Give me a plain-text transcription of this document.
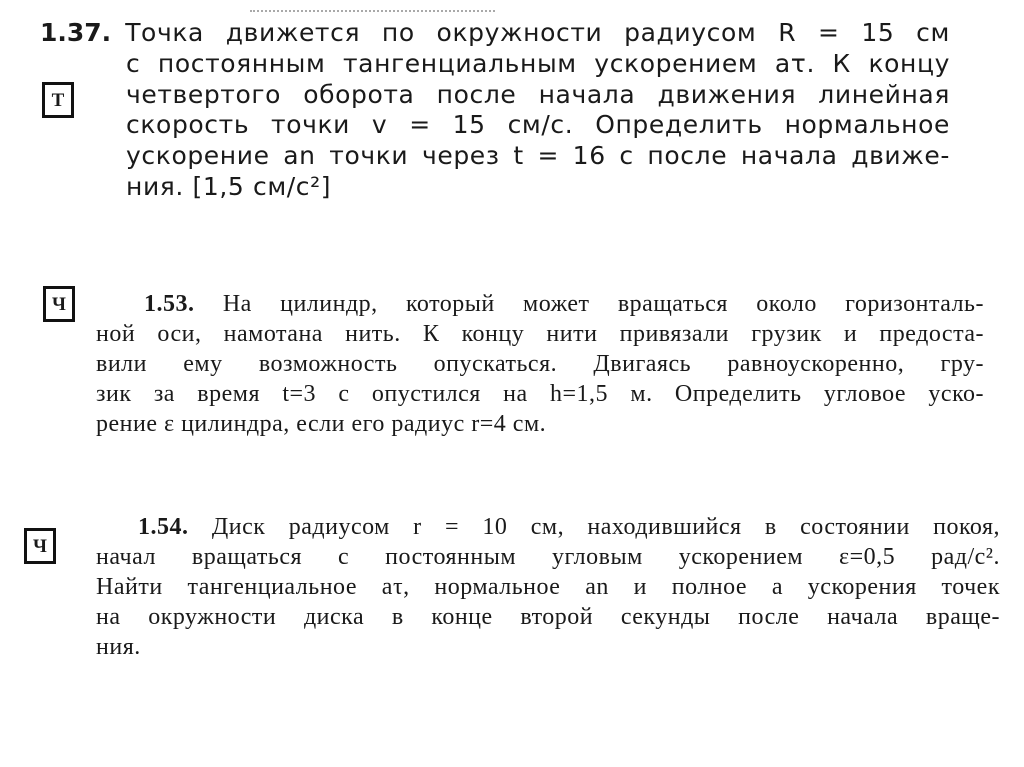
Т
1.37. Точка движется по окружности радиусом R = 15 см
с постоянным тангенциальным ускорением aτ. К концу
четвертого оборота после начала движения линейная
скорость точки v = 15 см/с. Определить нормальное
ускорение an точки через t = 16 с после начала движе-
ния. [1,5 см/с²]
Ч	1.53. На цилиндр, который может вращаться около горизонталь-
ной оси, намотана нить. К концу нити привязали грузик и предоста-
вили ему возможность опускаться. Двигаясь равноускоренно, гру-
зик за время t=3 с опустился на h=1,5 м. Определить угловое уско-
рение ε цилиндра, если его радиус r=4 см.
Ч
1.54. Диск радиусом r = 10 см, находившийся в состоянии покоя,
начал вращаться с постоянным угловым ускорением ε=0,5 рад/с².
Найти тангенциальное aτ, нормальное an и полное a ускорения точек
на окружности диска в конце второй секунды после начала враще-
ния.
